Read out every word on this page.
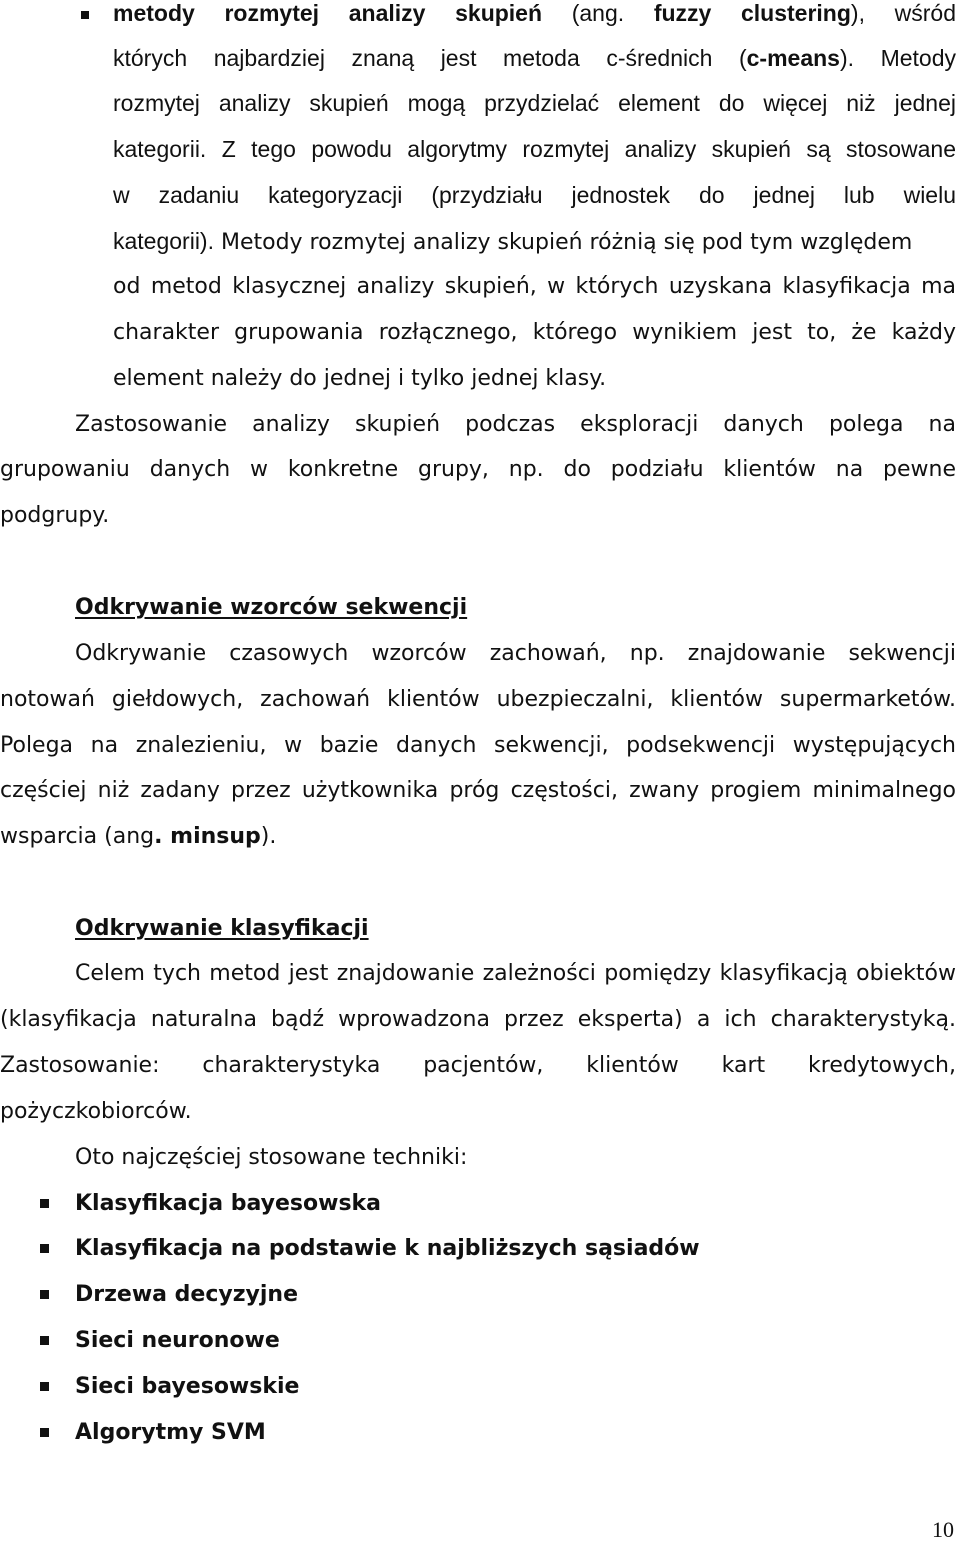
metody rozmytej analizy skupień (ang. fuzzy clustering), wśród

których najbardziej znaną jest metoda c-średnich (c-means). Metody

rozmytej analizy skupień mogą przydzielać element do więcej niż jednej

kategorii. Z tego powodu algorytmy rozmytej analizy skupień są stosowane

w zadaniu kategoryzacji (przydziału jednostek do jednej lub wielu

kategorii). Metody rozmytej analizy skupień różnią się pod tym względem

od metod klasycznej analizy skupień, w których uzyskana klasyfikacja ma

charakter grupowania rozłącznego, którego wynikiem jest to, że każdy

element należy do jednej i tylko jednej klasy.

Zastosowanie analizy skupień podczas eksploracji danych polega na

grupowaniu danych w konkretne grupy, np. do podziału klientów na pewne

podgrupy.

Odkrywanie wzorców sekwencji

Odkrywanie czasowych wzorców zachowań, np. znajdowanie sekwencji

notowań giełdowych, zachowań klientów ubezpieczalni, klientów supermarketów.

Polega na znalezieniu, w bazie danych sekwencji, podsekwencji występujących

częściej niż zadany przez użytkownika próg częstości, zwany progiem minimalnego

wsparcia (ang. minsup).

Odkrywanie klasyfikacji

Celem tych metod jest znajdowanie zależności pomiędzy klasyfikacją obiektów

(klasyfikacja naturalna bądź wprowadzona przez eksperta) a ich charakterystyką.

Zastosowanie: charakterystyka pacjentów, klientów kart kredytowych,

pożyczkobiorców.

Oto najczęściej stosowane techniki:

Klasyfikacja bayesowska
Klasyfikacja na podstawie k najbliższych sąsiadów
Drzewa decyzyjne
Sieci neuronowe
Sieci bayesowskie
Algorytmy SVM
10
